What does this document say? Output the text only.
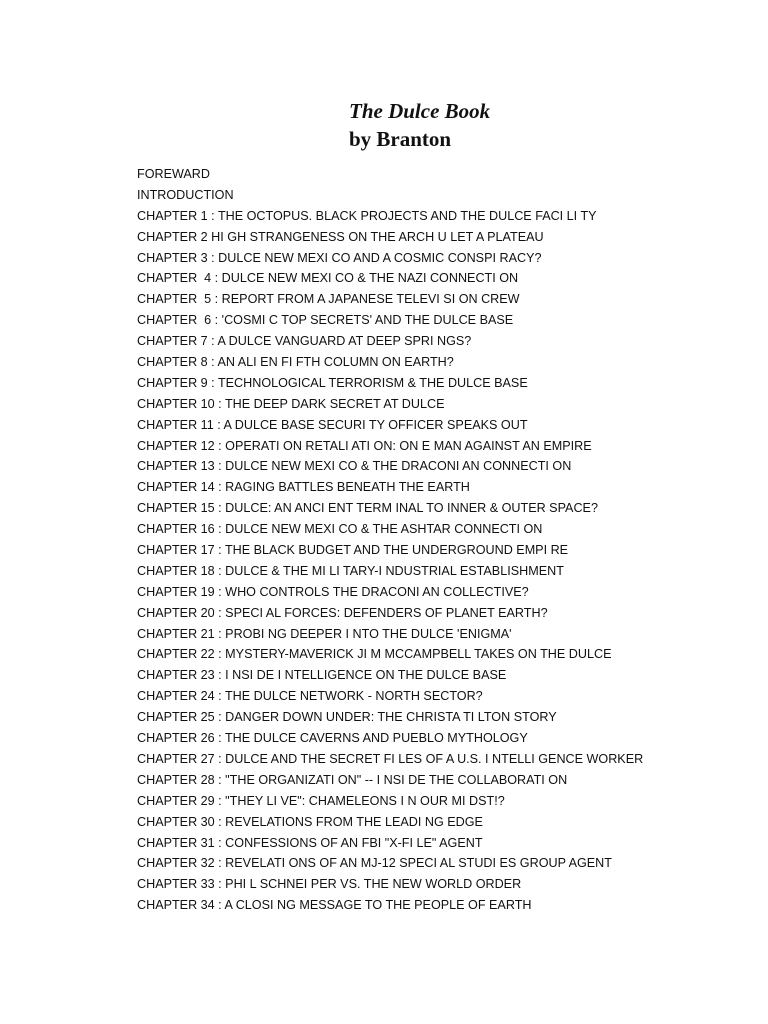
The Dulce Book
by Branton
FOREWARD
INTRODUCTION
CHAPTER 1 : THE OCTOPUS. BLACK PROJECTS AND THE DULCE FACI LI TY
CHAPTER 2 HI GH STRANGENESS ON THE ARCH U LET A PLATEAU
CHAPTER 3 : DULCE NEW MEXI CO AND A COSMIC CONSPI RACY?
CHAPTER  4 : DULCE NEW MEXI CO & THE NAZI CONNECTI ON
CHAPTER  5 : REPORT FROM A JAPANESE TELEVI SI ON CREW
CHAPTER  6 : 'COSMI C TOP SECRETS' AND THE DULCE BASE
CHAPTER 7 : A DULCE VANGUARD AT DEEP SPRI NGS?
CHAPTER 8 : AN ALI EN FI FTH COLUMN ON EARTH?
CHAPTER 9 : TECHNOLOGICAL TERRORISM & THE DULCE BASE
CHAPTER 10 : THE DEEP DARK SECRET AT DULCE
CHAPTER 11 : A DULCE BASE SECURI TY OFFICER SPEAKS OUT
CHAPTER 12 : OPERATI ON RETALI ATI ON: ON E MAN AGAINST AN EMPIRE
CHAPTER 13 : DULCE NEW MEXI CO & THE DRACONI AN CONNECTI ON
CHAPTER 14 : RAGING BATTLES BENEATH THE EARTH
CHAPTER 15 : DULCE: AN ANCI ENT TERM INAL TO INNER & OUTER SPACE?
CHAPTER 16 : DULCE NEW MEXI CO & THE ASHTAR CONNECTI ON
CHAPTER 17 : THE BLACK BUDGET AND THE UNDERGROUND EMPI RE
CHAPTER 18 : DULCE & THE MI LI TARY-I NDUSTRIAL ESTABLISHMENT
CHAPTER 19 : WHO CONTROLS THE DRACONI AN COLLECTIVE?
CHAPTER 20 : SPECI AL FORCES: DEFENDERS OF PLANET EARTH?
CHAPTER 21 : PROBI NG DEEPER I NTO THE DULCE 'ENIGMA'
CHAPTER 22 : MYSTERY-MAVERICK JI M MCCAMPBELL TAKES ON THE DULCE
CHAPTER 23 : I NSI DE I NTELLIGENCE ON THE DULCE BASE
CHAPTER 24 : THE DULCE NETWORK - NORTH SECTOR?
CHAPTER 25 : DANGER DOWN UNDER: THE CHRISTA TI LTON STORY
CHAPTER 26 : THE DULCE CAVERNS AND PUEBLO MYTHOLOGY
CHAPTER 27 : DULCE AND THE SECRET FI LES OF A U.S. I NTELLI GENCE WORKER
CHAPTER 28 : "THE ORGANIZATI ON" -- I NSI DE THE COLLABORATI ON
CHAPTER 29 : "THEY LI VE": CHAMELEONS I N OUR MI DST!?
CHAPTER 30 : REVELATIONS FROM THE LEADI NG EDGE
CHAPTER 31 : CONFESSIONS OF AN FBI "X-FI LE" AGENT
CHAPTER 32 : REVELATI ONS OF AN MJ-12 SPECI AL STUDI ES GROUP AGENT
CHAPTER 33 : PHI L SCHNEI PER VS. THE NEW WORLD ORDER
CHAPTER 34 : A CLOSI NG MESSAGE TO THE PEOPLE OF EARTH
